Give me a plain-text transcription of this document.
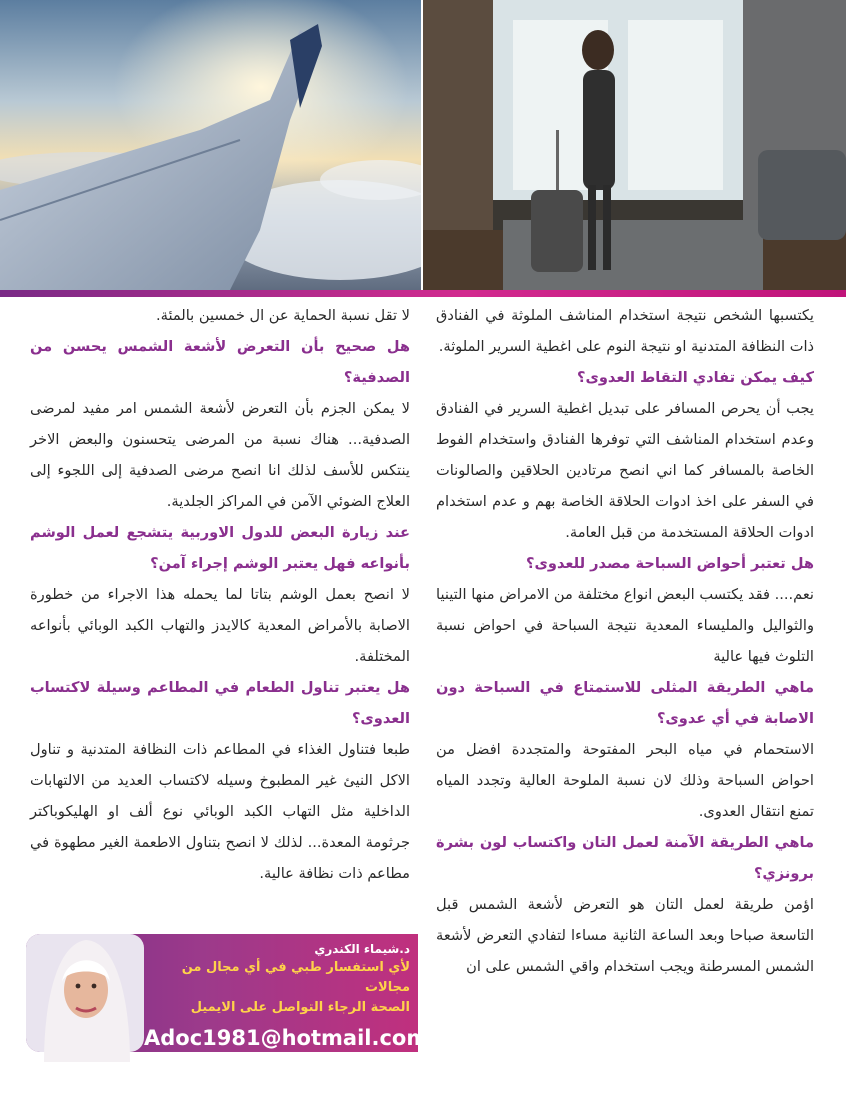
يكتسبها الشخص نتيجة استخدام المناشف الملوثة في الفنادق ذات النظافة المتدنية او نتيجة النوم على اغطية السرير الملوثة.

كيف يمكن تفادي التقاط العدوى؟

يجب أن يحرص المسافر على تبديل اغطية السرير في الفنادق وعدم استخدام المناشف التي توفرها الفنادق واستخدام الفوط الخاصة بالمسافر كما اني انصح مرتادين الحلاقين والصالونات في السفر على اخذ ادوات الحلاقة الخاصة بهم و عدم استخدام ادوات الحلاقة المستخدمة من قبل العامة.

هل تعتبر أحواض السباحة مصدر للعدوى؟

نعم.... فقد يكتسب البعض انواع مختلفة من الامراض منها التينيا والثواليل والمليساء المعدية نتيجة السباحة في احواض نسبة التلوث فيها عالية

ماهي الطريقة المثلى للاستمتاع في السباحة دون الاصابة في أي عدوى؟

الاستحمام في مياه البحر المفتوحة والمتجددة افضل من احواض السباحة وذلك لان نسبة الملوحة العالية وتجدد المياه تمنع انتقال العدوى.

ماهي الطريقة الآمنة لعمل التان واكتساب لون بشرة برونزي؟

اؤمن طريقة لعمل التان هو التعرض لأشعة الشمس قبل التاسعة صباحا وبعد الساعة الثانية مساءا لتفادي التعرض لأشعة الشمس المسرطنة ويجب استخدام واقي الشمس على ان

لا تقل نسبة الحماية عن ال خمسين بالمئة.

هل صحيح بأن التعرض لأشعة الشمس يحسن من الصدفية؟

لا يمكن الجزم بأن التعرض لأشعة الشمس امر مفيد لمرضى الصدفية... هناك نسبة من المرضى يتحسنون والبعض الاخر ينتكس للأسف لذلك انا انصح مرضى الصدفية إلى اللجوء إلى العلاج الضوئي الآمن في المراكز الجلدية.

عند زيارة البعض للدول الاوربية يتشجع لعمل الوشم بأنواعه فهل يعتبر الوشم إجراء آمن؟

لا انصح بعمل الوشم بتاتا لما يحمله هذا الاجراء من خطورة الاصابة بالأمراض المعدية كالايدز والتهاب الكبد الوبائي بأنواعه المختلفة.

هل يعتبر تناول الطعام في المطاعم وسيلة لاكتساب العدوى؟

طبعا فتناول الغذاء في المطاعم ذات النظافة المتدنية و تناول الاكل النيئ غير المطبوخ وسيله لاكتساب العديد من الالتهابات الداخلية مثل التهاب الكبد الوبائي نوع ألف او الهليكوباكتر جرثومة المعدة... لذلك لا انصح بتناول الاطعمة الغير مطهوة في مطاعم ذات نظافة عالية.

د.شيماء الكندري
لأي استفسار طبي في أي مجال من مجالات
الصحة الرجاء التواصل على الايميل
Adoc1981@hotmail.com
